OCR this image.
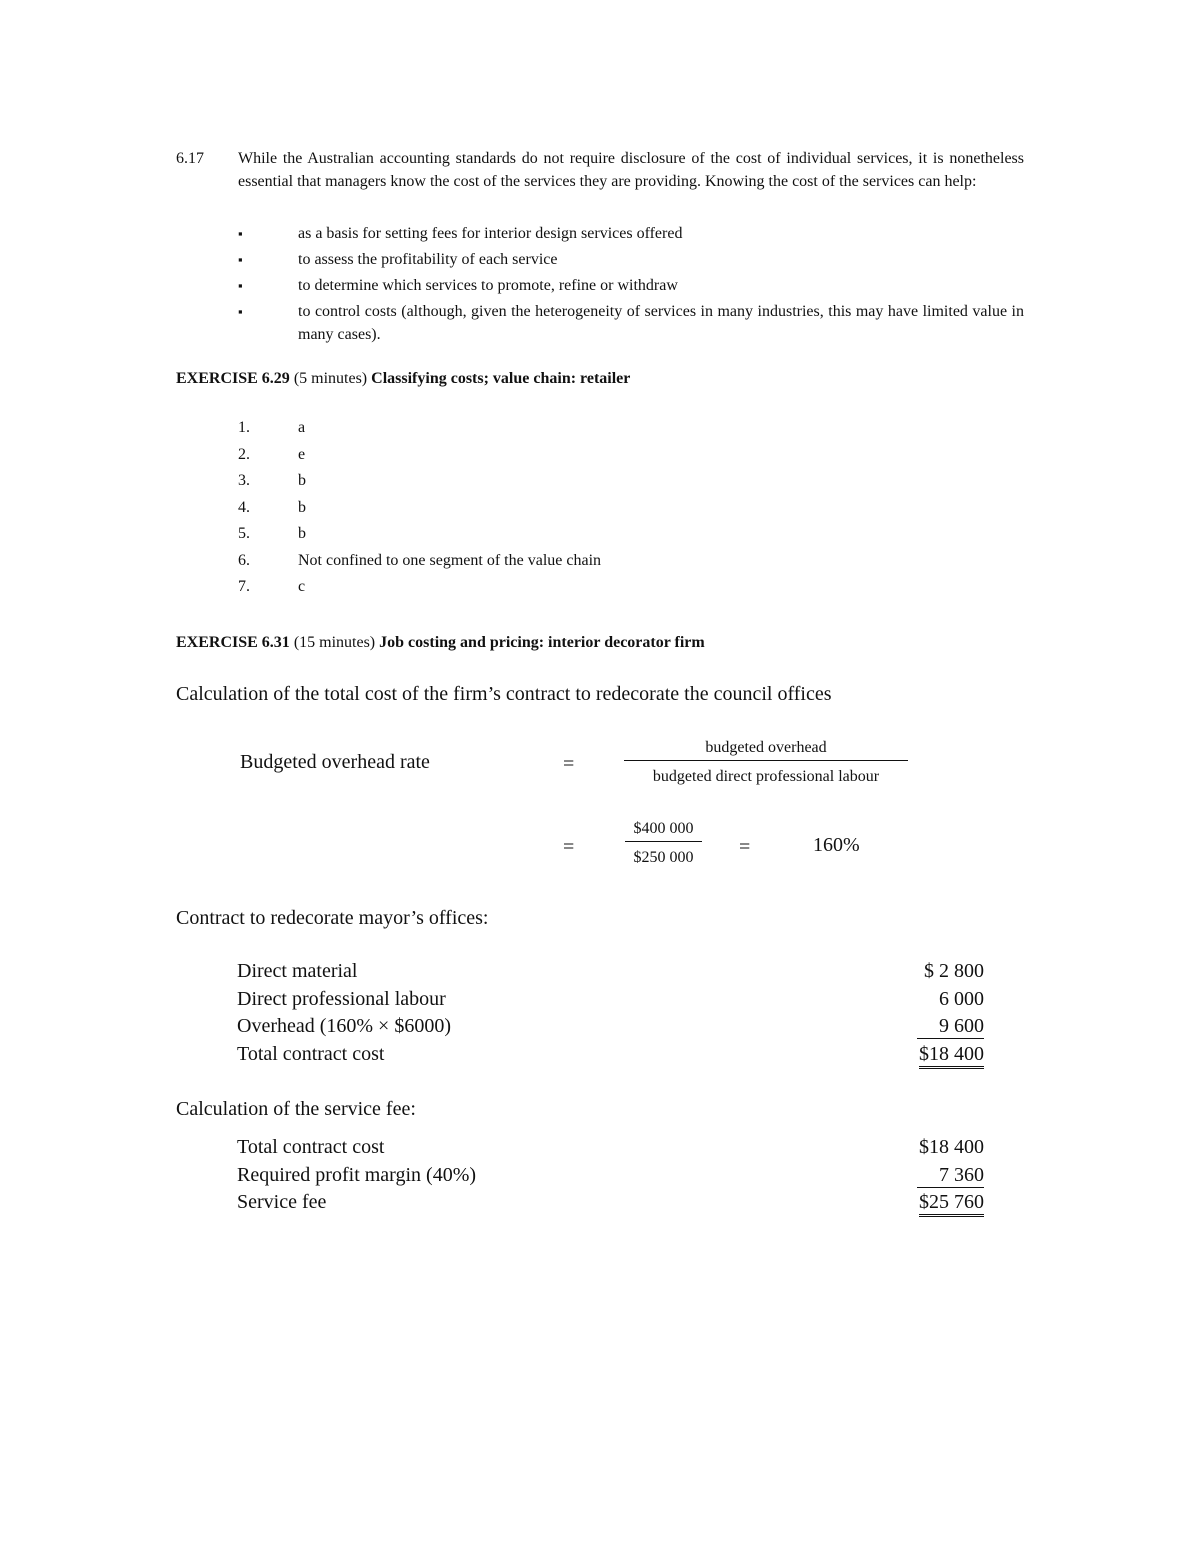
6.17 While the Australian accounting standards do not require disclosure of the cost of individual services, it is nonetheless essential that managers know the cost of the services they are providing. Knowing the cost of the services can help:
▪	as a basis for setting fees for interior design services offered
▪	to assess the profitability of each service
▪	to determine which services to promote, refine or withdraw
▪	to control costs (although, given the heterogeneity of services in many industries, this may have limited value in many cases).
EXERCISE 6.29 (5 minutes) Classifying costs; value chain: retailer
1.	a
2.	e
3.	b
4.	b
5.	b
6.	Not confined to one segment of the value chain
7.	c
EXERCISE 6.31 (15 minutes) Job costing and pricing: interior decorator firm
Calculation of the total cost of the firm’s contract to redecorate the council offices
Budgeted overhead rate	=
budgeted overhead
budgeted direct professional labour
=	$\frac{\$400 000}{\$250 000}$ =	160%
Contract to redecorate mayor’s offices:
Direct material	$ 2 800
Direct professional labour	6 000
Overhead (160% × $6000)	9 600
Total contract cost	$18 400
Calculation of the service fee:
Total contract cost	$18 400
Required profit margin (40%)	7 360
Service fee	$25 760
